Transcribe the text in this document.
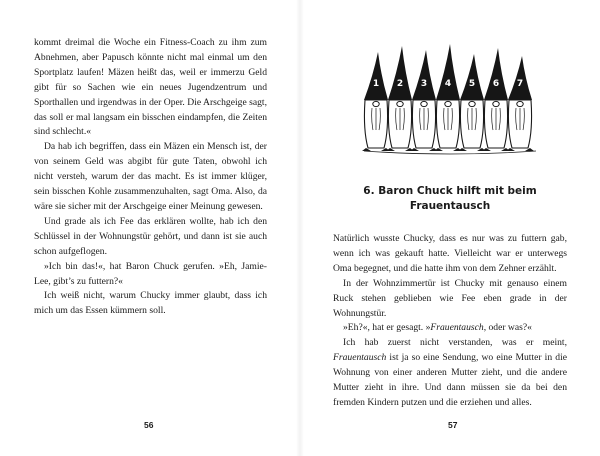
kommt dreimal die Woche ein Fitness-Coach zu ihm zum Abnehmen, aber Papusch könnte nicht mal einmal um den Sportplatz laufen! Mäzen heißt das, weil er immerzu Geld gibt für so Sachen wie ein neues Jugendzentrum und Sporthallen und irgendwas in der Oper. Die Arschgeige sagt, das soll er mal langsam ein bisschen eindampfen, die Zeiten sind schlecht.«

Da hab ich begriffen, dass ein Mäzen ein Mensch ist, der von seinem Geld was abgibt für gute Taten, obwohl ich nicht versteh, warum der das macht. Es ist immer klüger, sein bisschen Kohle zusammenzuhalten, sagt Oma. Also, da wäre sie sicher mit der Arschgeige einer Meinung gewesen.

Und grade als ich Fee das erklären wollte, hab ich den Schlüssel in der Wohnungstür gehört, und dann ist sie auch schon aufgeflogen.

»Ich bin das!«, hat Baron Chuck gerufen. »Eh, Jamie-Lee, gibt’s zu futtern?«

Ich weiß nicht, warum Chucky immer glaubt, dass ich mich um das Essen kümmern soll.

56
1 2 3 4 5 6 7
6. Baron Chuck hilft mit beim
Frauentausch

Natürlich wusste Chucky, dass es nur was zu futtern gab, wenn ich was gekauft hatte. Vielleicht war er unterwegs Oma begegnet, und die hatte ihm von dem Zehner erzählt.

In der Wohnzimmertür ist Chucky mit genauso einem Ruck stehen geblieben wie Fee eben grade in der Wohnungstür.

»Eh?«, hat er gesagt. »Frauentausch, oder was?«

Ich hab zuerst nicht verstanden, was er meint, Frauentausch ist ja so eine Sendung, wo eine Mutter in die Wohnung von einer anderen Mutter zieht, und die andere Mutter zieht in ihre. Und dann müssen sie da bei den fremden Kindern putzen und die erziehen und alles.

57
